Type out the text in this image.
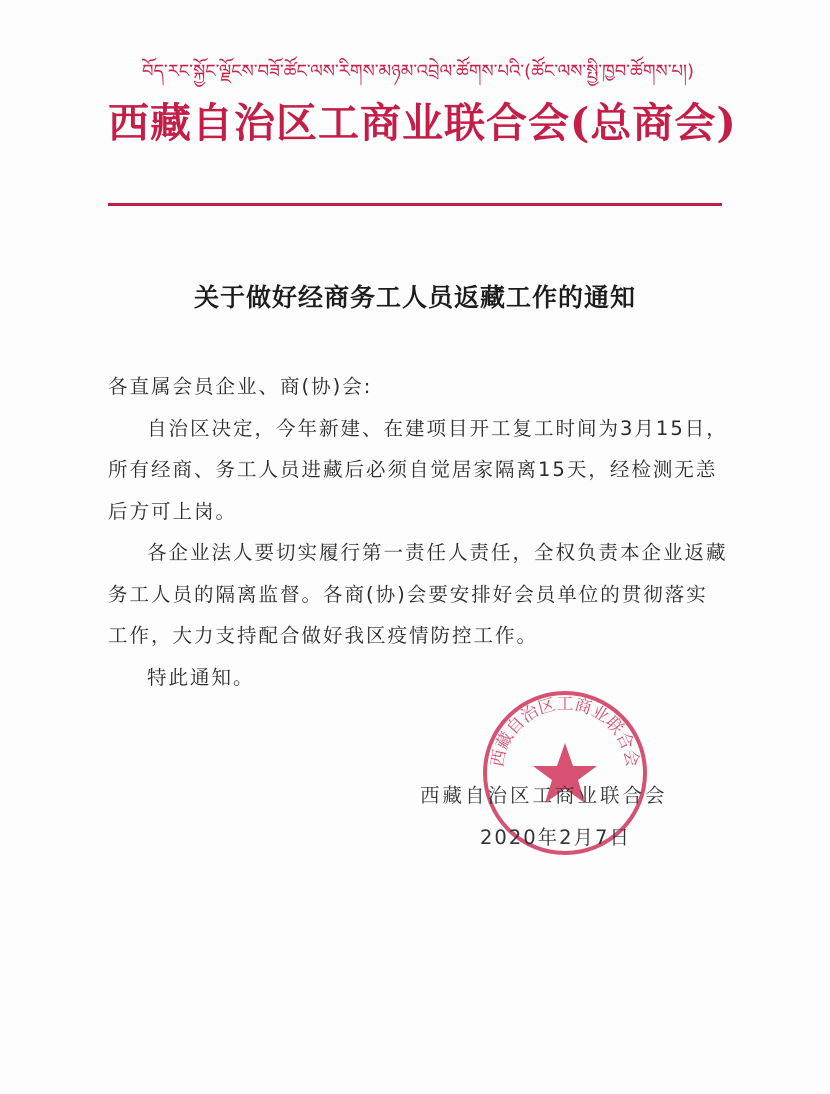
བོད་རང་སྐྱོང་ལྗོངས་བཟོ་ཚོང་ལས་རིགས་མཉམ་འབྲེལ་ཚོགས་པའི་(ཚོང་ལས་སྤྱི་ཁྱབ་ཚོགས་པ།)
西藏自治区工商业联合会(总商会)
关于做好经商务工人员返藏工作的通知

各直属会员企业、商(协)会:

自治区决定，今年新建、在建项目开工复工时间为3月15日，所有经商、务工人员进藏后必须自觉居家隔离15天，经检测无恙后方可上岗。

各企业法人要切实履行第一责任人责任，全权负责本企业返藏务工人员的隔离监督。各商(协)会要安排好会员单位的贯彻落实工作，大力支持配合做好我区疫情防控工作。

特此通知。

西藏自治区工商业联合会
西藏自治区工商业联合会
2020年2月7日
